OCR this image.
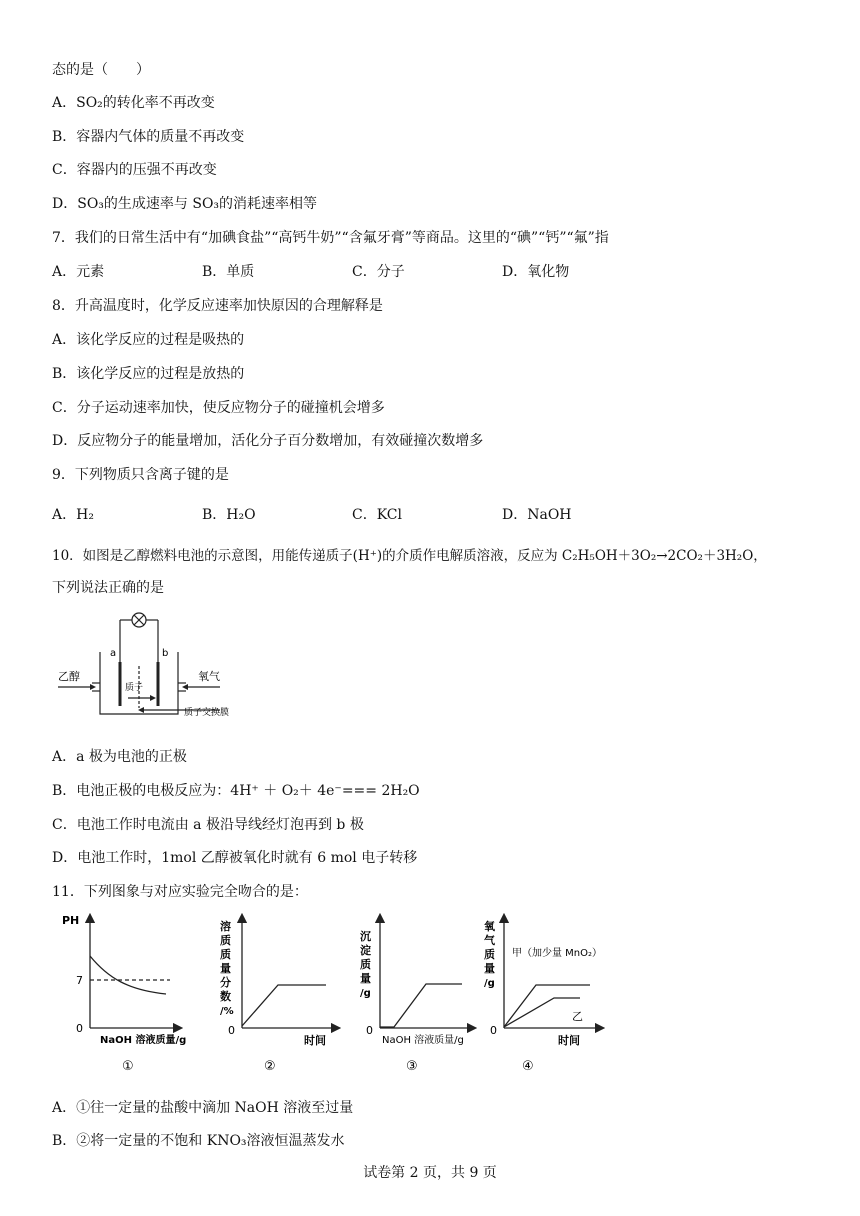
态的是（　　）
A．SO₂的转化率不再改变
B．容器内气体的质量不再改变
C．容器内的压强不再改变
D．SO₃的生成速率与 SO₃的消耗速率相等
7．我们的日常生活中有“加碘食盐”“高钙牛奶”“含氟牙膏”等商品。这里的“碘”“钙”“氟”指
A．元素	B．单质	C．分子	D．氧化物
8．升高温度时，化学反应速率加快原因的合理解释是
A．该化学反应的过程是吸热的
B．该化学反应的过程是放热的
C．分子运动速率加快，使反应物分子的碰撞机会增多
D．反应物分子的能量增加，活化分子百分数增加，有效碰撞次数增多
9．下列物质只含离子键的是
A．H₂	B．H₂O	C．KCl	D．NaOH
10．如图是乙醇燃料电池的示意图，用能传递质子(H⁺)的介质作电解质溶液，反应为 C₂H₅OH＋3O₂→2CO₂＋3H₂O，
下列说法正确的是
乙醇	氧气
a	b
质子
质子交换膜
A．a 极为电池的正极
B．电池正极的电极反应为：4H⁺ ＋ O₂＋ 4e⁻=== 2H₂O
C．电池工作时电流由 a 极沿导线经灯泡再到 b 极
D．电池工作时，1mol 乙醇被氧化时就有 6 mol 电子转移
11．下列图象与对应实验完全吻合的是：
PH
7
0
NaOH 溶液质量/g
①
溶
质
质
量
分
数
/%
0
时间
②
沉
淀
质
量
/g
0
NaOH 溶液质量/g
③
氧
气
质
量
/g
0
甲（加少量 MnO₂）
乙
时间
④
A．①往一定量的盐酸中滴加 NaOH 溶液至过量
B．②将一定量的不饱和 KNO₃溶液恒温蒸发水
试卷第 2 页，共 9 页
